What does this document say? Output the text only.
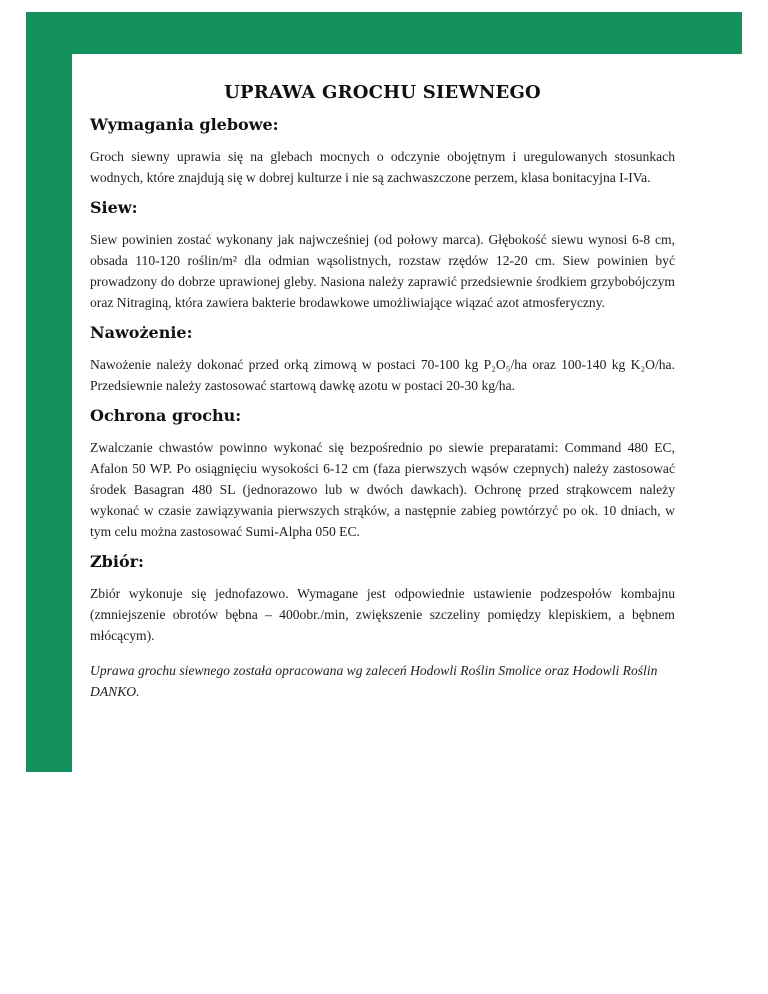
UPRAWA GROCHU SIEWNEGO
Wymagania glebowe:

Groch siewny uprawia się na glebach mocnych o odczynie obojętnym i uregulowanych stosunkach wodnych, które znajdują się w dobrej kulturze i nie są zachwaszczone perzem, klasa bonitacyjna I-IVa.

Siew:

Siew powinien zostać wykonany jak najwcześniej (od połowy marca). Głębokość siewu wynosi 6-8 cm, obsada 110-120 roślin/m² dla odmian wąsolistnych, rozstaw rzędów 12-20 cm. Siew powinien być prowadzony do dobrze uprawionej gleby. Nasiona należy zaprawić przedsiewnie środkiem grzybobójczym oraz Nitraginą, która zawiera bakterie brodawkowe umożliwiające wiązać azot atmosferyczny.

Nawożenie:

Nawożenie należy dokonać przed orką zimową w postaci 70-100 kg P₂O₅/ha oraz 100-140 kg K₂O/ha. Przedsiewnie należy zastosować startową dawkę azotu w postaci 20-30 kg/ha.

Ochrona grochu:

Zwalczanie chwastów powinno wykonać się bezpośrednio po siewie preparatami: Command 480 EC, Afalon 50 WP. Po osiągnięciu wysokości 6-12 cm (faza pierwszych wąsów czepnych) należy zastosować środek Basagran 480 SL (jednorazowo lub w dwóch dawkach). Ochronę przed strąkowcem należy wykonać w czasie zawiązywania pierwszych strąków, a następnie zabieg powtórzyć po ok. 10 dniach, w tym celu można zastosować Sumi-Alpha 050 EC.

Zbiór:

Zbiór wykonuje się jednofazowo. Wymagane jest odpowiednie ustawienie podzespołów kombajnu (zmniejszenie obrotów bębna – 400obr./min, zwiększenie szczeliny pomiędzy klepiskiem, a bębnem młócącym).

Uprawa grochu siewnego została opracowana wg zaleceń Hodowli Roślin Smolice oraz Hodowli Roślin DANKO.
